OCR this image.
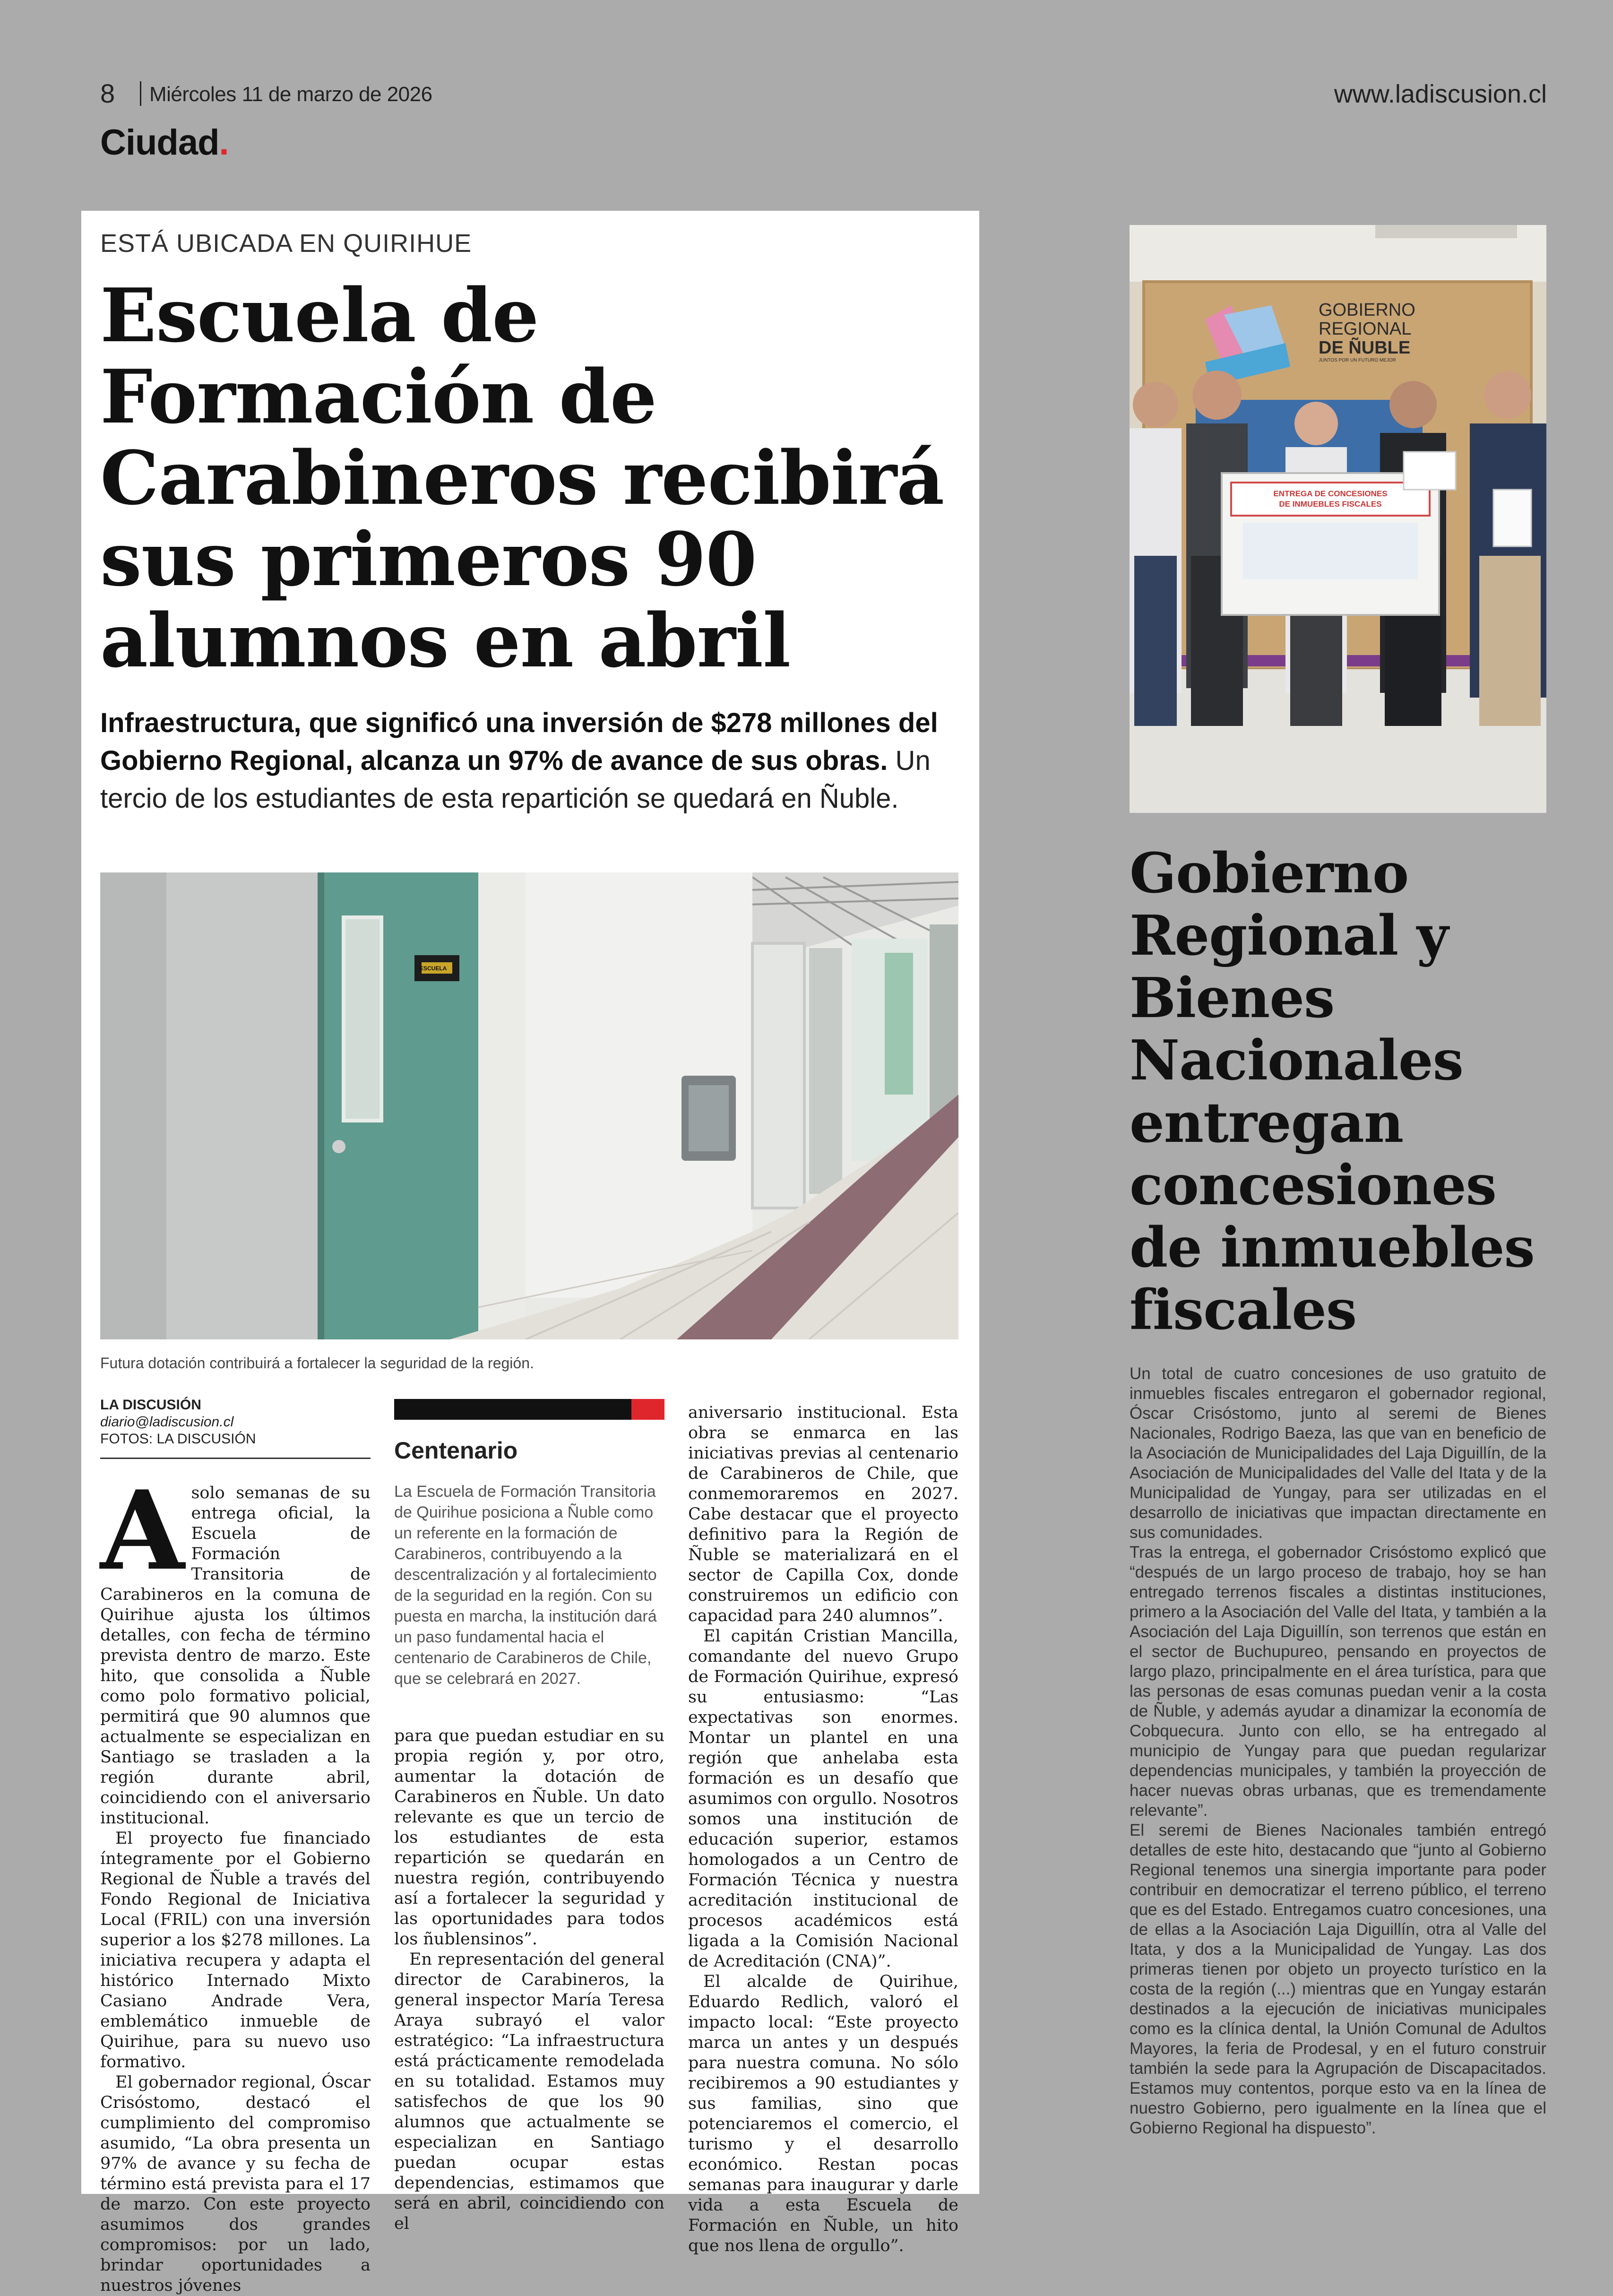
8 Miércoles 11 de marzo de 2026	www.ladiscusion.cl
Ciudad.
ESTÁ UBICADA EN QUIRIHUE
Escuela de Formación de Carabineros recibirá sus primeros 90 alumnos en abril
Infraestructura, que significó una inversión de $278 millones del Gobierno Regional, alcanza un 97% de avance de sus obras. Un tercio de los estudiantes de esta repartición se quedará en Ñuble.
ESCUELA
Futura dotación contribuirá a fortalecer la seguridad de la región.
LA DISCUSIÓN
diario@ladiscusion.cl
FOTOS: LA DISCUSIÓN

A solo semanas de su entrega oficial, la Escuela de Formación Transitoria de Carabineros en la comuna de Quirihue ajusta los últimos detalles, con fecha de término prevista dentro de marzo. Este hito, que consolida a Ñuble como polo formativo policial, permitirá que 90 alumnos que actualmente se especializan en Santiago se trasladen a la región durante abril, coincidiendo con el aniversario institucional.

El proyecto fue financiado íntegramente por el Gobierno Regional de Ñuble a través del Fondo Regional de Iniciativa Local (FRIL) con una inversión superior a los $278 millones. La iniciativa recupera y adapta el histórico Internado Mixto Casiano Andrade Vera, emblemático inmueble de Quirihue, para su nuevo uso formativo.

El gobernador regional, Óscar Crisóstomo, destacó el cumplimiento del compromiso asumido, “La obra presenta un 97% de avance y su fecha de término está prevista para el 17 de marzo. Con este proyecto asumimos dos grandes compromisos: por un lado, brindar oportunidades a nuestros jóvenes

Centenario
La Escuela de Formación Transitoria de Quirihue posiciona a Ñuble como un referente en la formación de Carabineros, contribuyendo a la descentralización y al fortalecimiento de la seguridad en la región. Con su puesta en marcha, la institución dará un paso fundamental hacia el centenario de Carabineros de Chile, que se celebrará en 2027.

para que puedan estudiar en su propia región y, por otro, aumentar la dotación de Carabineros en Ñuble. Un dato relevante es que un tercio de los estudiantes de esta repartición se quedarán en nuestra región, contribuyendo así a fortalecer la seguridad y las oportunidades para todos los ñublensinos”.

En representación del general director de Carabineros, la general inspector María Teresa Araya subrayó el valor estratégico: “La infraestructura está prácticamente remodelada en su totalidad. Estamos muy satisfechos de que los 90 alumnos que actualmente se especializan en Santiago puedan ocupar estas dependencias, estimamos que será en abril, coincidiendo con el

aniversario institucional. Esta obra se enmarca en las iniciativas previas al centenario de Carabineros de Chile, que conmemoraremos en 2027. Cabe destacar que el proyecto definitivo para la Región de Ñuble se materializará en el sector de Capilla Cox, donde construiremos un edificio con capacidad para 240 alumnos”.

El capitán Cristian Mancilla, comandante del nuevo Grupo de Formación Quirihue, expresó su entusiasmo: “Las expectativas son enormes. Montar un plantel en una región que anhelaba esta formación es un desafío que asumimos con orgullo. Nosotros somos una institución de educación superior, estamos homologados a un Centro de Formación Técnica y nuestra acreditación institucional de procesos académicos está ligada a la Comisión Nacional de Acreditación (CNA)”.

El alcalde de Quirihue, Eduardo Redlich, valoró el impacto local: “Este proyecto marca un antes y un después para nuestra comuna. No sólo recibiremos a 90 estudiantes y sus familias, sino que potenciaremos el comercio, el turismo y el desarrollo económico. Restan pocas semanas para inaugurar y darle vida a esta Escuela de Formación en Ñuble, un hito que nos llena de orgullo”.

GOBIERNO
REGIONAL
DE ÑUBLE
JUNTOS POR UN FUTURO MEJOR
ENTREGA DE CONCESIONES
DE INMUEBLES FISCALES
Gobierno Regional y Bienes Nacionales entregan concesiones de inmuebles fiscales

Un total de cuatro concesiones de uso gratuito de inmuebles fiscales entregaron el gobernador regional, Óscar Crisóstomo, junto al seremi de Bienes Nacionales, Rodrigo Baeza, las que van en beneficio de la Asociación de Municipalidades del Laja Diguillín, de la Asociación de Municipalidades del Valle del Itata y de la Municipalidad de Yungay, para ser utilizadas en el desarrollo de iniciativas que impactan directamente en sus comunidades.

Tras la entrega, el gobernador Crisóstomo explicó que “después de un largo proceso de trabajo, hoy se han entregado terrenos fiscales a distintas instituciones, primero a la Asociación del Valle del Itata, y también a la Asociación del Laja Diguillín, son terrenos que están en el sector de Buchupureo, pensando en proyectos de largo plazo, principalmente en el área turística, para que las personas de esas comunas puedan venir a la costa de Ñuble, y además ayudar a dinamizar la economía de Cobquecura. Junto con ello, se ha entregado al municipio de Yungay para que puedan regularizar dependencias municipales, y también la proyección de hacer nuevas obras urbanas, que es tremendamente relevante”.

El seremi de Bienes Nacionales también entregó detalles de este hito, destacando que “junto al Gobierno Regional tenemos una sinergia importante para poder contribuir en democratizar el terreno público, el terreno que es del Estado. Entregamos cuatro concesiones, una de ellas a la Asociación Laja Diguillín, otra al Valle del Itata, y dos a la Municipalidad de Yungay. Las dos primeras tienen por objeto un proyecto turístico en la costa de la región (...) mientras que en Yungay estarán destinados a la ejecución de iniciativas municipales como es la clínica dental, la Unión Comunal de Adultos Mayores, la feria de Prodesal, y en el futuro construir también la sede para la Agrupación de Discapacitados. Estamos muy contentos, porque esto va en la línea de nuestro Gobierno, pero igualmente en la línea que el Gobierno Regional ha dispuesto”.
